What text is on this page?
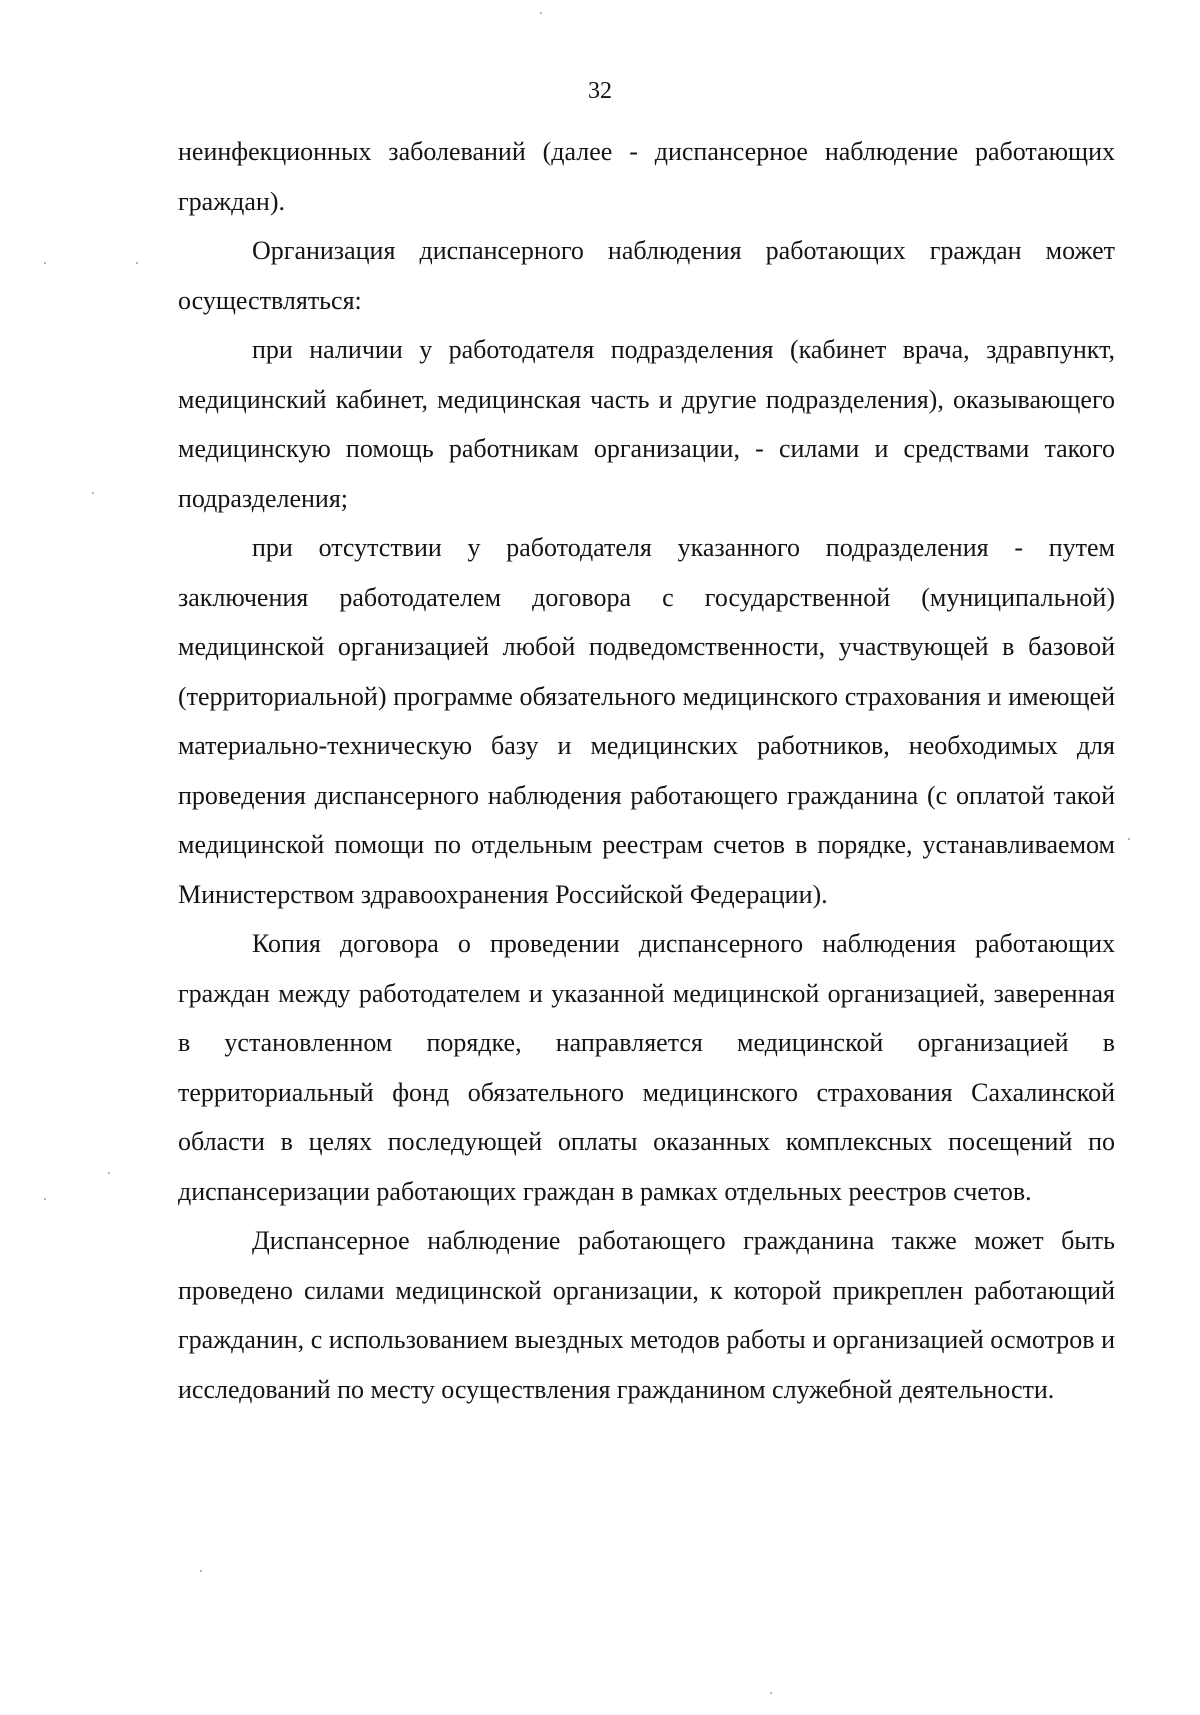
32

неинфекционных заболеваний (далее - диспансерное наблюдение работающих граждан).

Организация диспансерного наблюдения работающих граждан может осуществляться:

при наличии у работодателя подразделения (кабинет врача, здравпункт, медицинский кабинет, медицинская часть и другие подразделения), оказывающего медицинскую помощь работникам организации, - силами и средствами такого подразделения;

при отсутствии у работодателя указанного подразделения - путем заключения работодателем договора с государственной (муниципальной) медицинской организацией любой подведомственности, участвующей в базовой (территориальной) программе обязательного медицинского страхования и имеющей материально-техническую базу и медицинских работников, необходимых для проведения диспансерного наблюдения работающего гражданина (с оплатой такой медицинской помощи по отдельным реестрам счетов в порядке, устанавливаемом Министерством здравоохранения Российской Федерации).

Копия договора о проведении диспансерного наблюдения работающих граждан между работодателем и указанной медицинской организацией, заверенная в установленном порядке, направляется медицинской организацией в территориальный фонд обязательного медицинского страхования Сахалинской области в целях последующей оплаты оказанных комплексных посещений по диспансеризации работающих граждан в рамках отдельных реестров счетов.

Диспансерное наблюдение работающего гражданина также может быть проведено силами медицинской организации, к которой прикреплен работающий гражданин, с использованием выездных методов работы и организацией осмотров и исследований по месту осуществления гражданином служебной деятельности.
